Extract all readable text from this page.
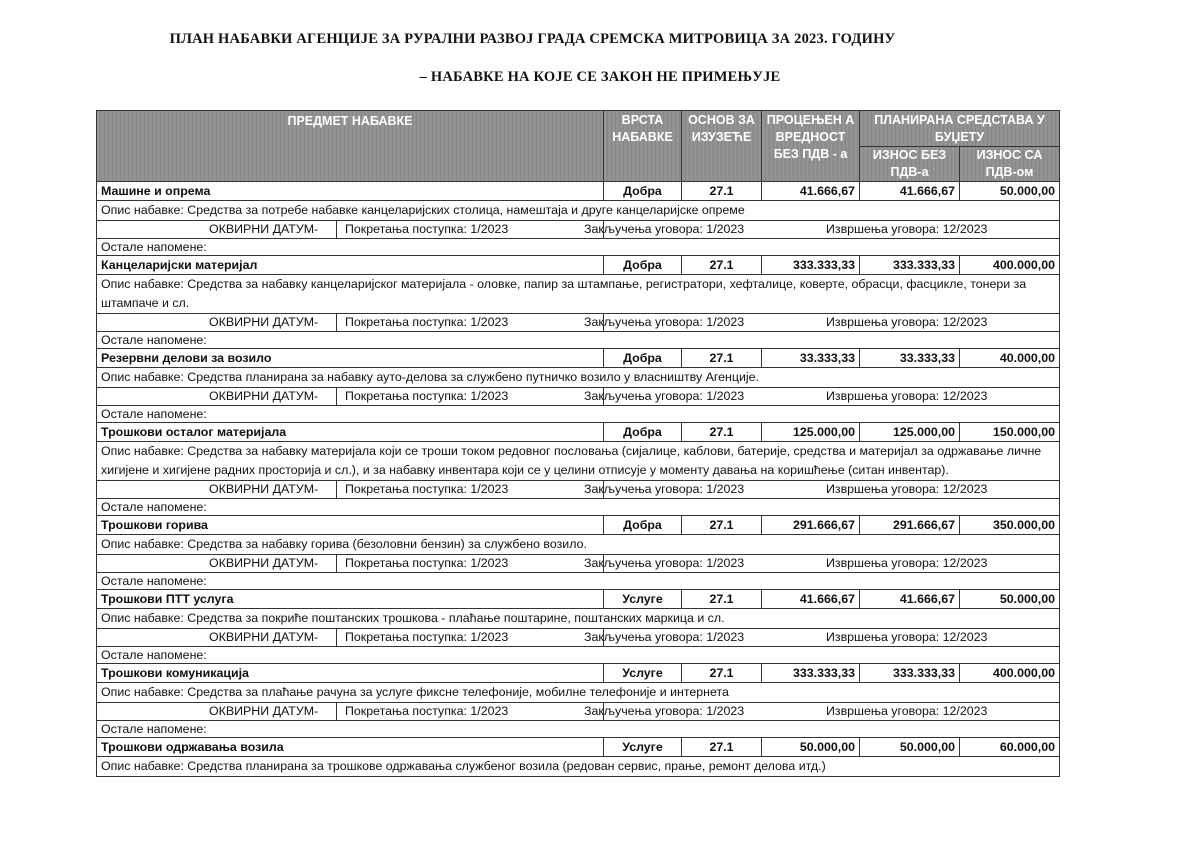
ПЛАН НАБАВКИ АГЕНЦИЈЕ ЗА РУРАЛНИ РАЗВОЈ ГРАДА СРЕМСКА МИТРОВИЦА ЗА 2023. ГОДИНУ
– НАБАВКЕ НА КОЈЕ СЕ ЗАКОН НЕ ПРИМЕЊУЈЕ
ПРЕДМЕТ НАБАВКЕ	ВРСТА НАБАВКЕ	ОСНОВ ЗА ИЗУЗЕЋЕ	ПРОЦЕЊЕН А ВРЕДНОСТ БЕЗ ПДВ - а	ПЛАНИРАНА СРЕДСТАВА У БУЏЕТУ	
				ИЗНОС БЕЗ ПДВ-а	ИЗНОС СА ПДВ-ом
Машине и опрема	Добра	27.1	41.666,67	41.666,67	50.000,00
Опис набавке: Средства за потребе набавке канцеларијских столица, намештаја и друге канцеларијске опреме					

ОКВИРНИ ДАТУМ- Покретања поступка: 1/2023	Закључења уговора: 1/2023 Извршења уговора: 12/2023				

Остале напомене:					
Канцеларијски материјал	Добра	27.1	333.333,33	333.333,33	400.000,00
Опис набавке: Средства за набавку канцеларијског материјала - оловке, папир за штампање, регистратори, хефталице, коверте, обрасци, фасцикле, тонери за штампаче и сл.					

ОКВИРНИ ДАТУМ- Покретања поступка: 1/2023	Закључења уговора: 1/2023 Извршења уговора: 12/2023				

Остале напомене:					
Резервни делови за возило	Добра	27.1	33.333,33	33.333,33	40.000,00
Опис набавке: Средства планирана за набавку ауто-делова за службено путничко возило у власништву Агенције.					

ОКВИРНИ ДАТУМ- Покретања поступка: 1/2023	Закључења уговора: 1/2023 Извршења уговора: 12/2023				

Остале напомене:					
Трошкови осталог материјала	Добра	27.1	125.000,00	125.000,00	150.000,00
Опис набавке: Средства за набавку материјала који се троши током редовног пословања (сијалице, каблови, батерије, средства и материјал за одржавање личне хигијене и хигијене радних просторија и сл.), и за набавку инвентара који се у целини отписује у моменту давања на коришћење (ситан инвентар).					

ОКВИРНИ ДАТУМ- Покретања поступка: 1/2023	Закључења уговора: 1/2023 Извршења уговора: 12/2023				

Остале напомене:					
Трошкови горива	Добра	27.1	291.666,67	291.666,67	350.000,00
Опис набавке: Средства за набавку горива (безоловни бензин) за службено возило.					

ОКВИРНИ ДАТУМ- Покретања поступка: 1/2023	Закључења уговора: 1/2023 Извршења уговора: 12/2023				

Остале напомене:					
Трошкови ПТТ услуга	Услуге	27.1	41.666,67	41.666,67	50.000,00
Опис набавке: Средства за покриће поштанских трошкова - плаћање поштарине, поштанских маркица и сл.					

ОКВИРНИ ДАТУМ- Покретања поступка: 1/2023	Закључења уговора: 1/2023 Извршења уговора: 12/2023				

Остале напомене:					
Трошкови комуникација	Услуге	27.1	333.333,33	333.333,33	400.000,00
Опис набавке: Средства за плаћање рачуна за услуге фиксне телефоније, мобилне телефоније и интернета					

ОКВИРНИ ДАТУМ- Покретања поступка: 1/2023	Закључења уговора: 1/2023 Извршења уговора: 12/2023				

Остале напомене:					
Трошкови одржавања возила	Услуге	27.1	50.000,00	50.000,00	60.000,00
Опис набавке: Средства планирана за трошкове одржавања службеног возила (редован сервис, прање, ремонт делова итд.)					
